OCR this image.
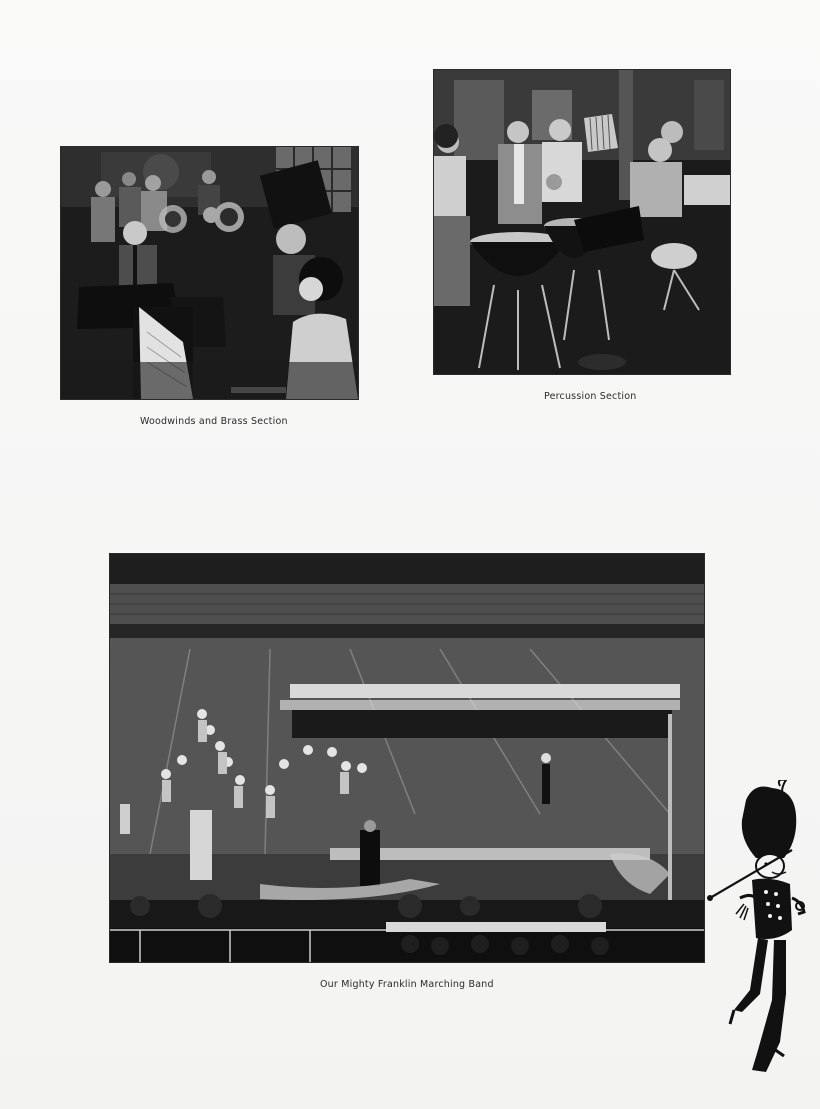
Woodwinds and Brass Section
Percussion Section
Our Mighty Franklin Marching Band
